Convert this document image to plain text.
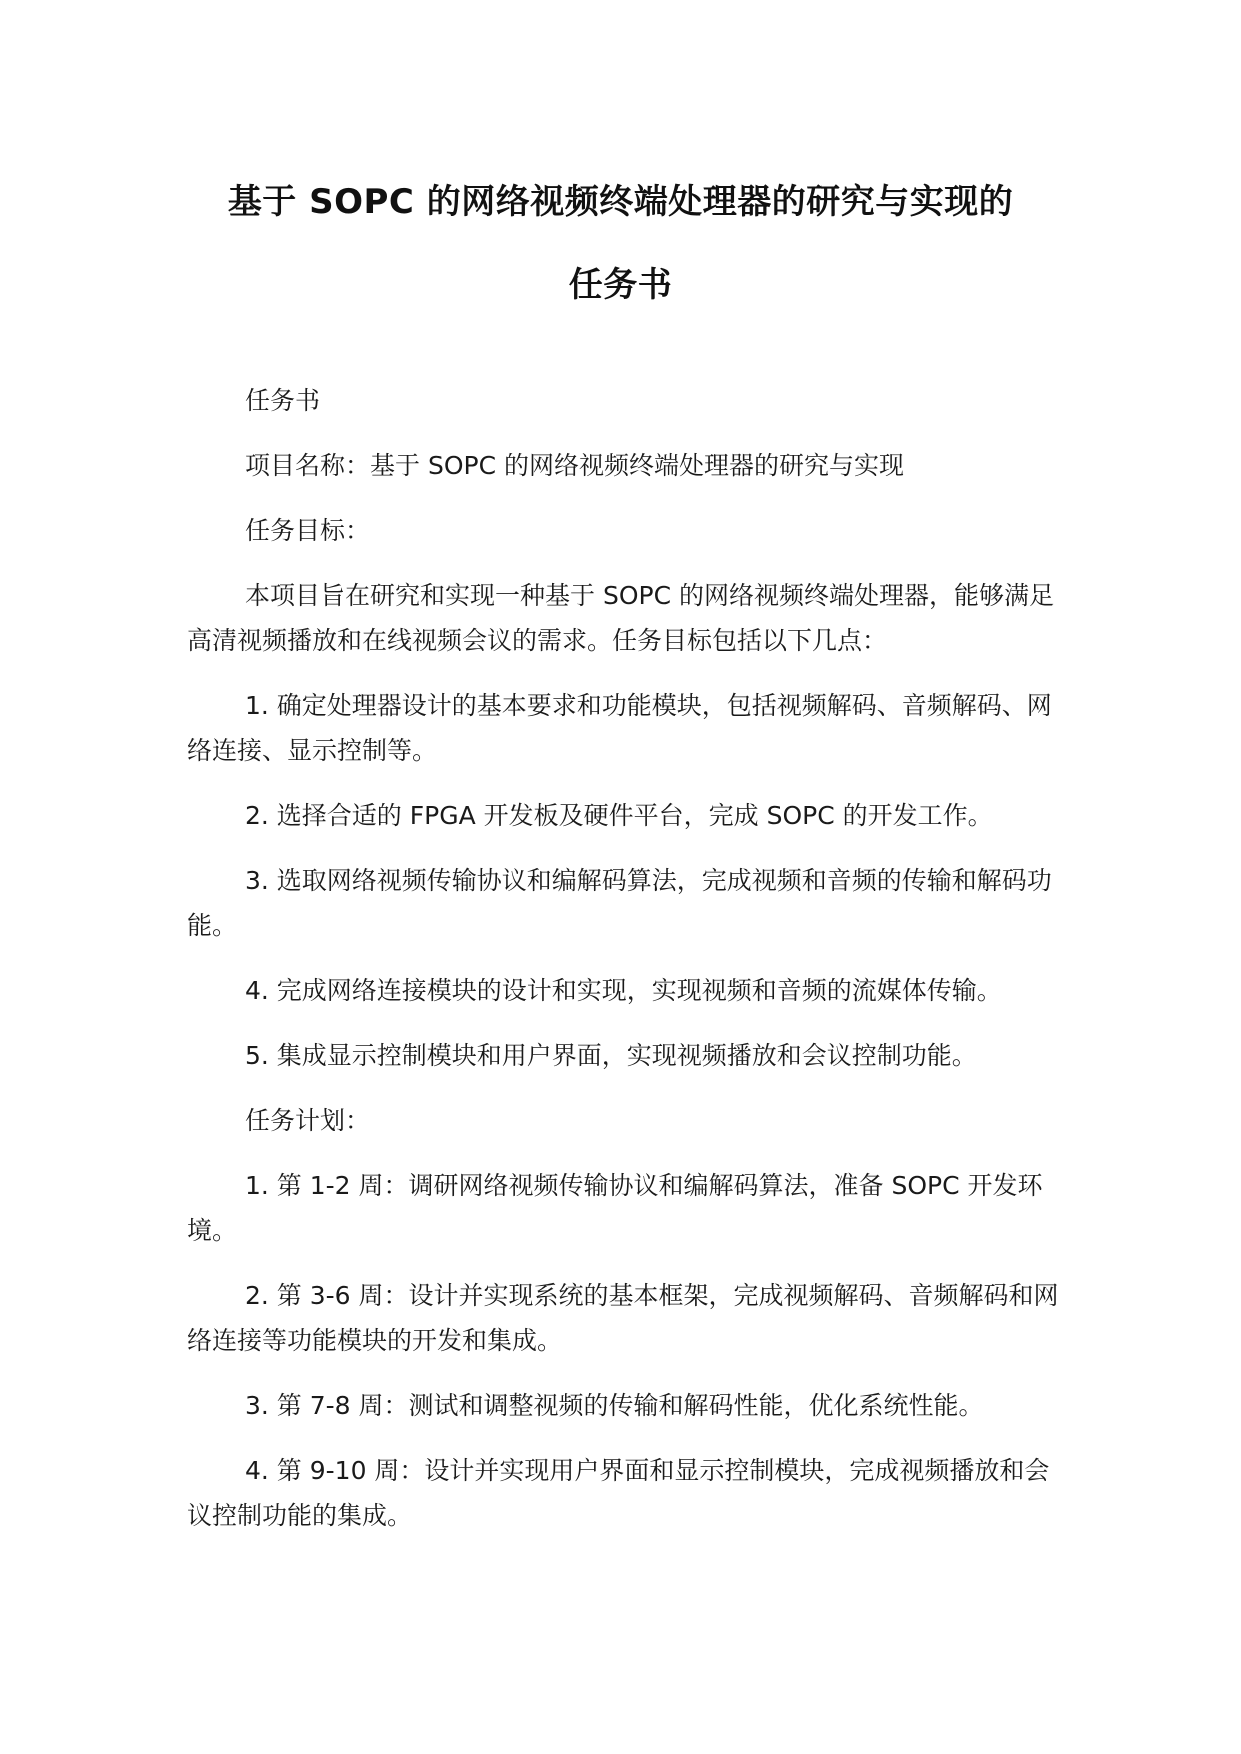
基于 SOPC 的网络视频终端处理器的研究与实现的
任务书

任务书

项目名称：基于 SOPC 的网络视频终端处理器的研究与实现

任务目标：

本项目旨在研究和实现一种基于 SOPC 的网络视频终端处理器，能够满足高清视频播放和在线视频会议的需求。任务目标包括以下几点：

1. 确定处理器设计的基本要求和功能模块，包括视频解码、音频解码、网络连接、显示控制等。

2. 选择合适的 FPGA 开发板及硬件平台，完成 SOPC 的开发工作。

3. 选取网络视频传输协议和编解码算法，完成视频和音频的传输和解码功能。

4. 完成网络连接模块的设计和实现，实现视频和音频的流媒体传输。

5. 集成显示控制模块和用户界面，实现视频播放和会议控制功能。

任务计划：

1. 第 1-2 周：调研网络视频传输协议和编解码算法，准备 SOPC 开发环境。

2. 第 3-6 周：设计并实现系统的基本框架，完成视频解码、音频解码和网络连接等功能模块的开发和集成。

3. 第 7-8 周：测试和调整视频的传输和解码性能，优化系统性能。

4. 第 9-10 周：设计并实现用户界面和显示控制模块，完成视频播放和会议控制功能的集成。
